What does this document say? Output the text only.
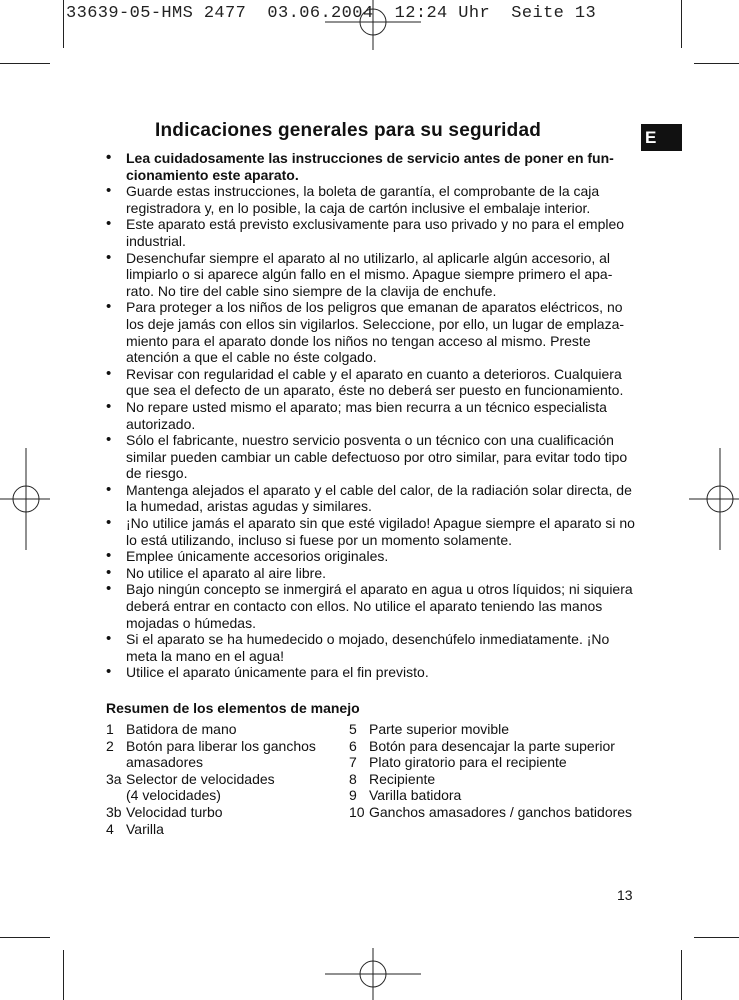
33639-05-HMS 2477  03.06.2004  12:24 Uhr  Seite 13
E
Indicaciones generales para su seguridad
• Lea cuidadosamente las instrucciones de servicio antes de poner en fun-cionamiento este aparato.
• Guarde estas instrucciones, la boleta de garantía, el comprobante de la caja registradora y, en lo posible, la caja de cartón inclusive el embalaje interior.
• Este aparato está previsto exclusivamente para uso privado y no para el empleo industrial.
• Desenchufar siempre el aparato al no utilizarlo, al aplicarle algún accesorio, al limpiarlo o si aparece algún fallo en el mismo. Apague siempre primero el apa-rato. No tire del cable sino siempre de la clavija de enchufe.
• Para proteger a los niños de los peligros que emanan de aparatos eléctricos, no los deje jamás con ellos sin vigilarlos. Seleccione, por ello, un lugar de emplaza-miento para el aparato donde los niños no tengan acceso al mismo. Preste atención a que el cable no éste colgado.
• Revisar con regularidad el cable y el aparato en cuanto a deterioros. Cualquiera que sea el defecto de un aparato, éste no deberá ser puesto en funcionamiento.
• No repare usted mismo el aparato; mas bien recurra a un técnico especialista autorizado.
• Sólo el fabricante, nuestro servicio posventa o un técnico con una cualificación similar pueden cambiar un cable defectuoso por otro similar, para evitar todo tipo de riesgo.
• Mantenga alejados el aparato y el cable del calor, de la radiación solar directa, de la humedad, aristas agudas y similares.
• ¡No utilice jamás el aparato sin que esté vigilado! Apague siempre el aparato si no lo está utilizando, incluso si fuese por un momento solamente.
• Emplee únicamente accesorios originales.
• No utilice el aparato al aire libre.
• Bajo ningún concepto se inmergirá el aparato en agua u otros líquidos; ni siquiera deberá entrar en contacto con ellos. No utilice el aparato teniendo las manos mojadas o húmedas.
• Si el aparato se ha humedecido o mojado, desenchúfelo inmediatamente. ¡No meta la mano en el agua!
• Utilice el aparato únicamente para el fin previsto.
Resumen de los elementos de manejo
1 Batidora de mano
2 Botón para liberar los ganchos
amasadores
3a Selector de velocidades
(4 velocidades)
3b Velocidad turbo
4 Varilla
5 Parte superior movible
6 Botón para desencajar la parte superior
7 Plato giratorio para el recipiente
8 Recipiente
9 Varilla batidora
10 Ganchos amasadores / ganchos batidores
13
